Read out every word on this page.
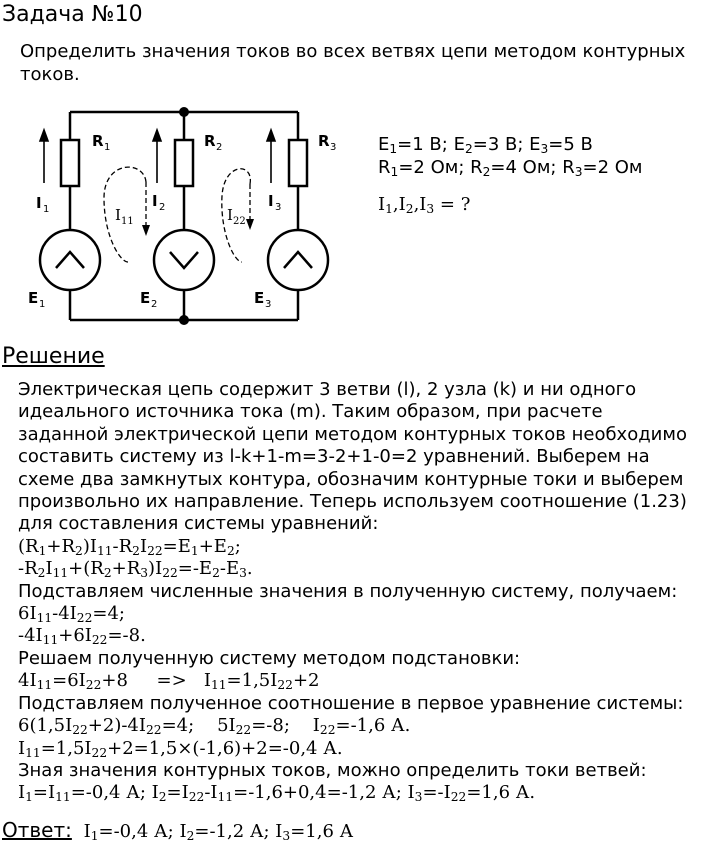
Задача №10
Определить значения токов во всех ветвях цепи методом контурных токов.
R 1	R 2	R 3
I 1	I 2	I 3
E 1	E 2	E 3
I 11	I 22
$E_1=1$ В; $E_2=3$ В; $E_3=5$ В
$R_1=2$ Ом; $R_2=4$ Ом; $R_3=2$ Ом
$I_1,I_2,I_3$ = ?
Решение
Электрическая цепь содержит 3 ветви (l), 2 узла (k) и ни одного
идеального источника тока (m). Таким образом, при расчете
заданной электрической цепи методом контурных токов необходимо
составить систему из l-k+1-m=3-2+1-0=2 уравнений. Выберем на
схеме два замкнутых контура, обозначим контурные токи и выберем
произвольно их направление. Теперь используем соотношение (1.23)
для составления системы уравнений:
$(R_1+R_2)I_{11}-R_2I_{22}=E_1+E_2$;
$-R_2I_{11}+(R_2+R_3)I_{22}=-E_2-E_3$.
Подставляем численные значения в полученную систему, получаем:
$6I_{11}-4I_{22}=4$;
$-4I_{11}+6I_{22}=-8$.
Решаем полученную систему методом подстановки:
$4I_{11}=6I_{22}+8$     =>   $I_{11}=1,5I_{22}+2$
Подставляем полученное соотношение в первое уравнение системы:
$6(1,5I_{22}+2)-4I_{22}=4$;    $5I_{22}=-8$;    $I_{22}=-1,6$ А.
$I_{11}=1,5I_{22}+2=1,5\times(-1,6)+2=-0,4$ А.
Зная значения контурных токов, можно определить токи ветвей:
$I_1=I_{11}=-0,4$ А; $I_2=I_{22}-I_{11}=-1,6+0,4=-1,2$ А; $I_3=-I_{22}=1,6$ А.
Ответ: $I_1=-0,4$ А; $I_2=-1,2$ А; $I_3=1,6$ А
